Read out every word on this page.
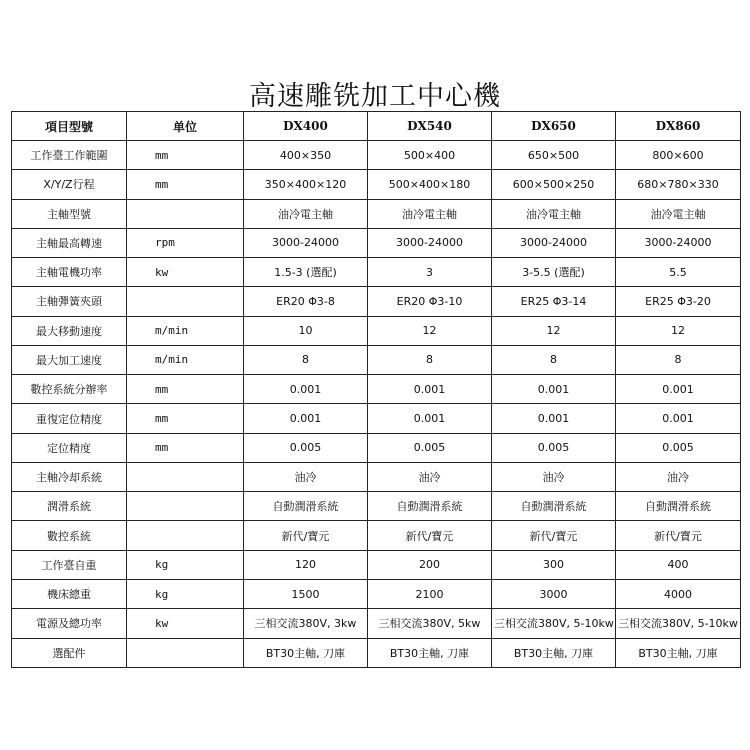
高速雕铣加工中心機
項目型號	单位	DX400	DX540	DX650	DX860
工作臺工作範圍	mm	400×350	500×400	650×500	800×600
X/Y/Z行程	mm	350×400×120	500×400×180	600×500×250	680×780×330
主軸型號		油冷電主軸	油冷電主軸	油冷電主軸	油冷電主軸
主軸最高轉速	rpm	3000-24000	3000-24000	3000-24000	3000-24000
主軸電機功率	kw	1.5-3 (選配)	3	3-5.5 (選配)	5.5
主軸彈簧夾頭		ER20 Φ3-8	ER20 Φ3-10	ER25 Φ3-14	ER25 Φ3-20
最大移動速度	m/min	10	12	12	12
最大加工速度	m/min	8	8	8	8
數控系統分辦率	mm	0.001	0.001	0.001	0.001
重復定位精度	mm	0.001	0.001	0.001	0.001
定位精度	mm	0.005	0.005	0.005	0.005
主軸冷却系統		油冷	油冷	油冷	油冷
潤滑系統		自動潤滑系統	自動潤滑系統	自動潤滑系統	自動潤滑系統
數控系統		新代/寶元	新代/寶元	新代/寶元	新代/寶元
工作臺自重	kg	120	200	300	400
機床總重	kg	1500	2100	3000	4000
電源及總功率	kw	三相交流380V, 3kw	三相交流380V, 5kw	三相交流380V, 5-10kw	三相交流380V, 5-10kw
選配件		BT30主軸, 刀庫	BT30主軸, 刀庫	BT30主軸, 刀庫	BT30主軸, 刀庫
